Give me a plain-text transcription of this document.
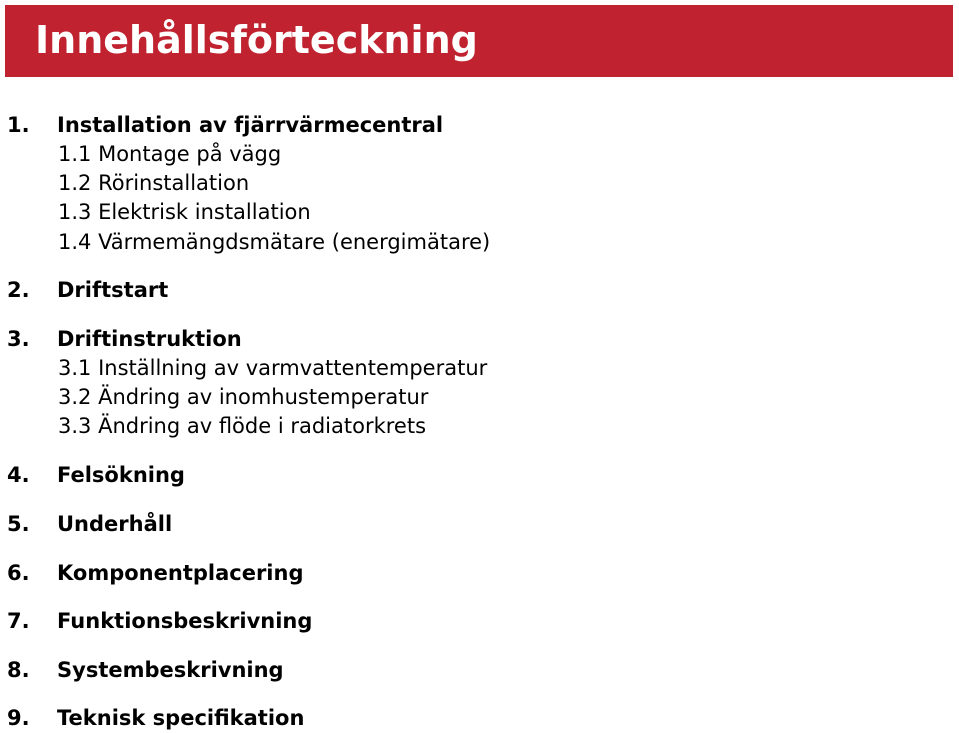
Innehållsförteckning
1. Installation av fjärrvärmecentral
1.1 Montage på vägg
1.2 Rörinstallation
1.3 Elektrisk installation
1.4 Värmemängdsmätare (energimätare)
2. Driftstart
3. Driftinstruktion
3.1 Inställning av varmvattentemperatur
3.2 Ändring av inomhustemperatur
3.3 Ändring av flöde i radiatorkrets
4. Felsökning
5. Underhåll
6. Komponentplacering
7. Funktionsbeskrivning
8. Systembeskrivning
9. Teknisk specifikation
